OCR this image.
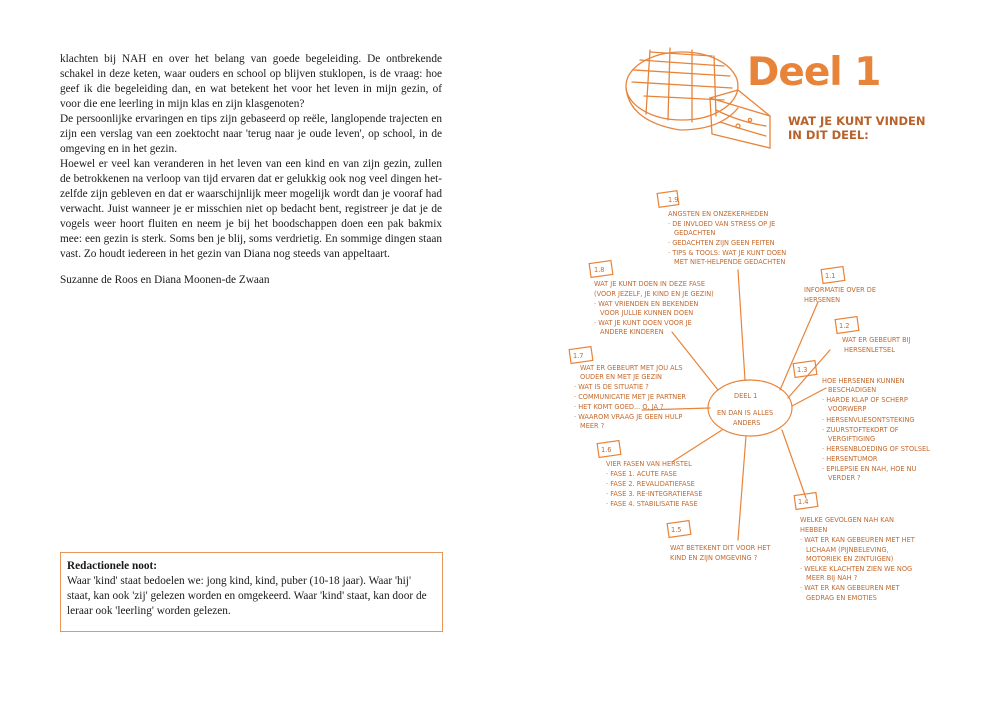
klachten bij NAH en over het belang van goede begeleiding. De ontbrekende schakel in deze keten, waar ouders en school op blijven stuklopen, is de vraag: hoe geef ik die begeleiding dan, en wat betekent het voor het leven in mijn gezin, of voor die ene leerling in mijn klas en zijn klasgenoten?

De persoonlijke ervaringen en tips zijn gebaseerd op reële, langlopende trajecten en zijn een verslag van een zoektocht naar 'terug naar je oude leven', op school, in de omgeving en in het gezin.

Hoewel er veel kan veranderen in het leven van een kind en van zijn gezin, zullen de betrokkenen na verloop van tijd ervaren dat er gelukkig ook nog veel dingen het-zelfde zijn gebleven en dat er waarschijnlijk meer mogelijk wordt dan je vooraf had verwacht. Juist wanneer je er misschien niet op bedacht bent, registreer je dat je de vogels weer hoort fluiten en neem je bij het boodschappen doen een pak bakmix mee: een gezin is sterk. Soms ben je blij, soms verdrietig. En sommige dingen staan vast. Zo houdt iedereen in het gezin van Diana nog steeds van appeltaart.

Suzanne de Roos en Diana Moonen-de Zwaan
Redactionele noot:
Waar 'kind' staat bedoelen we: jong kind, kind, puber (10-18 jaar). Waar 'hij' staat, kan ook 'zij' gelezen worden en omgekeerd. Waar 'kind' staat, kan door de leraar ook 'leerling' worden gelezen.
Deel 1
WAT JE KUNT VINDEN
IN DIT DEEL:
1.9
1.8
1.7
1.6
1.5
1.4
1.3
1.2
1.1
DEEL 1
EN DAN IS ALLES
ANDERS
ANGSTEN EN ONZEKERHEDEN
· DE INVLOED VAN STRESS OP JE
GEDACHTEN
· GEDACHTEN ZIJN GEEN FEITEN
· TIPS & TOOLS: WAT JE KUNT DOEN
MET NIET-HELPENDE GEDACHTEN
WAT JE KUNT DOEN IN DEZE FASE
(VOOR JEZELF, JE KIND EN JE GEZIN)
· WAT VRIENDEN EN BEKENDEN
VOOR JULLIE KUNNEN DOEN
· WAT JE KUNT DOEN VOOR JE
ANDERE KINDEREN
WAT ER GEBEURT MET JOU ALS
OUDER EN MET JE GEZIN
· WAT IS DE SITUATIE ?
· COMMUNICATIE MET JE PARTNER
· HET KOMT GOED... O, JA ?
· WAAROM VRAAG JE GEEN HULP
MEER ?
VIER FASEN VAN HERSTEL
· FASE 1. ACUTE FASE
· FASE 2. REVALIDATIEFASE
· FASE 3. RE-INTEGRATIEFASE
· FASE 4. STABILISATIE FASE
WAT BETEKENT DIT VOOR HET
KIND EN ZIJN OMGEVING ?
WELKE GEVOLGEN NAH KAN
HEBBEN
· WAT ER KAN GEBEUREN MET HET
LICHAAM (PIJNBELEVING,
MOTORIEK EN ZINTUIGEN)
· WELKE KLACHTEN ZIEN WE NOG
MEER BIJ NAH ?
· WAT ER KAN GEBEUREN MET
GEDRAG EN EMOTIES
HOE HERSENEN KUNNEN
BESCHADIGEN
· HARDE KLAP OF SCHERP
VOORWERP
· HERSENVLIESONTSTEKING
· ZUURSTOFTEKORT OF
VERGIFTIGING
· HERSENBLOEDING OF STOLSEL
· HERSENTUMOR
· EPILEPSIE EN NAH, HOE NU
VERDER ?
WAT ER GEBEURT BIJ
HERSENLETSEL
INFORMATIE OVER DE
HERSENEN
